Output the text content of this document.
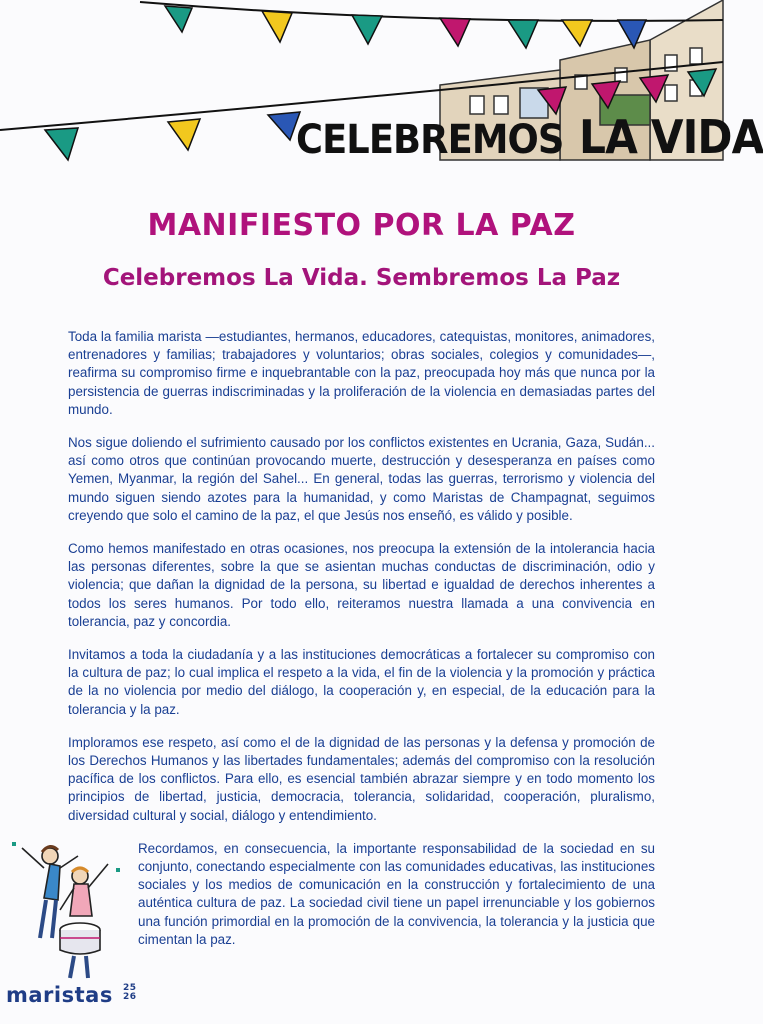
CELEBREMOS LA VIDA
MANIFIESTO POR LA PAZ
Celebremos La Vida. Sembremos La Paz

Toda la familia marista —estudiantes, hermanos, educadores, catequistas, monitores, animadores, entrenadores y familias; trabajadores y voluntarios; obras sociales, colegios y comunidades—, reafirma su compromiso firme e inquebrantable con la paz, preocupada hoy más que nunca por la persistencia de guerras indiscriminadas y la proliferación de la violencia en demasiadas partes del mundo.

Nos sigue doliendo el sufrimiento causado por los conflictos existentes en Ucrania, Gaza, Sudán... así como otros que continúan provocando muerte, destrucción y desesperanza en países como Yemen, Myanmar, la región del Sahel... En general, todas las guerras, terrorismo y violencia del mundo siguen siendo azotes para la humanidad, y como Maristas de Champagnat, seguimos creyendo que solo el camino de la paz, el que Jesús nos enseñó, es válido y posible.

Como hemos manifestado en otras ocasiones, nos preocupa la extensión de la intolerancia hacia las personas diferentes, sobre la que se asientan muchas conductas de discriminación, odio y violencia; que dañan la dignidad de la persona, su libertad e igualdad de derechos inherentes a todos los seres humanos. Por todo ello, reiteramos nuestra llamada a una convivencia en tolerancia, paz y concordia.

Invitamos a toda la ciudadanía y a las instituciones democráticas a fortalecer su compromiso con la cultura de paz; lo cual implica el respeto a la vida, el fin de la violencia y la promoción y práctica de la no violencia por medio del diálogo, la cooperación y, en especial, de la educación para la tolerancia y la paz.

Imploramos ese respeto, así como el de la dignidad de las personas y la defensa y promoción de los Derechos Humanos y las libertades fundamentales; además del compromiso con la resolución pacífica de los conflictos. Para ello, es esencial también abrazar siempre y en todo momento los principios de libertad, justicia, democracia, tolerancia, solidaridad, cooperación, pluralismo, diversidad cultural y social, diálogo y entendimiento.

Recordamos, en consecuencia, la importante responsabilidad de la sociedad en su conjunto, conectando especialmente con las comunidades educativas, las instituciones sociales y los medios de comunicación en la construcción y fortalecimiento de una auténtica cultura de paz. La sociedad civil tiene un papel irrenunciable y los gobiernos una función primordial en la promoción de la convivencia, la tolerancia y la justicia que cimentan la paz.

maristas 25
26
